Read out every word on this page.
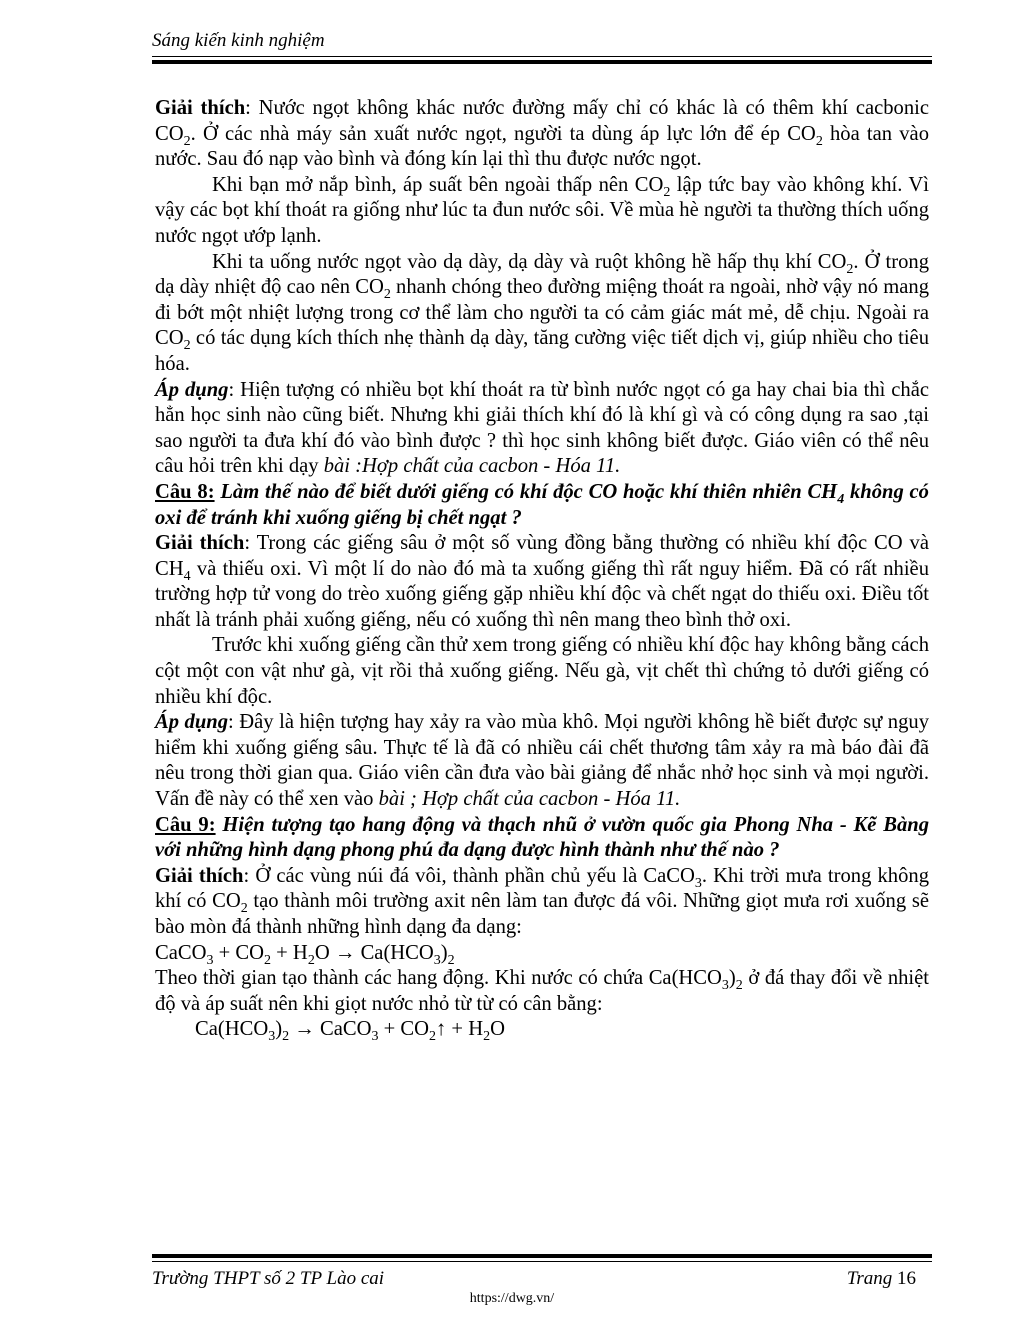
Sáng kiến kinh nghiệm

Giải thích: Nước ngọt không khác nước đường mấy chỉ có khác là có thêm khí cacbonic $CO_2$. Ở các nhà máy sản xuất nước ngọt, người ta dùng áp lực lớn để ép $CO_2$ hòa tan vào nước. Sau đó nạp vào bình và đóng kín lại thì thu được nước ngọt.

Khi bạn mở nắp bình, áp suất bên ngoài thấp nên $CO_2$ lập tức bay vào không khí. Vì vậy các bọt khí thoát ra giống như lúc ta đun nước sôi. Về mùa hè người ta thường thích uống nước ngọt ướp lạnh.

Khi ta uống nước ngọt vào dạ dày, dạ dày và ruột không hề hấp thụ khí $CO_2$. Ở trong dạ dày nhiệt độ cao nên $CO_2$ nhanh chóng theo đường miệng thoát ra ngoài, nhờ vậy nó mang đi bớt một nhiệt lượng trong cơ thể làm cho người ta có cảm giác mát mẻ, dễ chịu. Ngoài ra $CO_2$ có tác dụng kích thích nhẹ thành dạ dày, tăng cường việc tiết dịch vị, giúp nhiều cho tiêu hóa.

Áp dụng: Hiện tượng có nhiều bọt khí thoát ra từ bình nước ngọt có ga hay chai bia thì chắc hẳn học sinh nào cũng biết. Nhưng khi giải thích khí đó là khí gì và có công dụng ra sao ,tại sao người ta đưa khí đó vào bình được ? thì học sinh không biết được. Giáo viên có thể nêu câu hỏi trên khi dạy bài :Hợp chất của cacbon - Hóa 11.

Câu 8: Làm thế nào để biết dưới giếng có khí độc CO hoặc khí thiên nhiên $CH_4$ không có oxi để tránh khi xuống giếng bị chết ngạt ?

Giải thích: Trong các giếng sâu ở một số vùng đồng bằng thường có nhiều khí độc CO và $CH_4$ và thiếu oxi. Vì một lí do nào đó mà ta xuống giếng thì rất nguy hiểm. Đã có rất nhiều trường hợp tử vong do trèo xuống giếng gặp nhiều khí độc và chết ngạt do thiếu oxi. Điều tốt nhất là tránh phải xuống giếng, nếu có xuống thì nên mang theo bình thở oxi.

Trước khi xuống giếng cần thử xem trong giếng có nhiều khí độc hay không bằng cách cột một con vật như gà, vịt rồi thả xuống giếng. Nếu gà, vịt chết thì chứng tỏ dưới giếng có nhiều khí độc.

Áp dụng: Đây là hiện tượng hay xảy ra vào mùa khô. Mọi người không hề biết được sự nguy hiểm khi xuống giếng sâu. Thực tế là đã có nhiều cái chết thương tâm xảy ra mà báo đài đã nêu trong thời gian qua. Giáo viên cần đưa vào bài giảng để nhắc nhở học sinh và mọi người. Vấn đề này có thể xen vào bài ; Hợp chất của cacbon - Hóa 11.

Câu 9: Hiện tượng tạo hang động và thạch nhũ ở vườn quốc gia Phong Nha - Kẽ Bàng với những hình dạng phong phú đa dạng được hình thành như thế nào ?

Giải thích: Ở các vùng núi đá vôi, thành phần chủ yếu là CaCO$_3$. Khi trời mưa trong không khí có $CO_2$ tạo thành môi trường axit nên làm tan được đá vôi. Những giọt mưa rơi xuống sẽ bào mòn đá thành những hình dạng đa dạng:

CaCO$_3$ + $CO_2 + H_2O \to Ca(HCO_3)_2$

Theo thời gian tạo thành các hang động. Khi nước có chứa $Ca(HCO_3)_2$ ở đá thay đổi về nhiệt độ và áp suất nên khi giọt nước nhỏ từ từ có cân bằng:

$Ca(HCO_3)_2$ → CaCO$_3$ + $CO_2↑ + H_2O$

Trường THPT số 2 TP Lào cai	Trang 16
https://dwg.vn/
